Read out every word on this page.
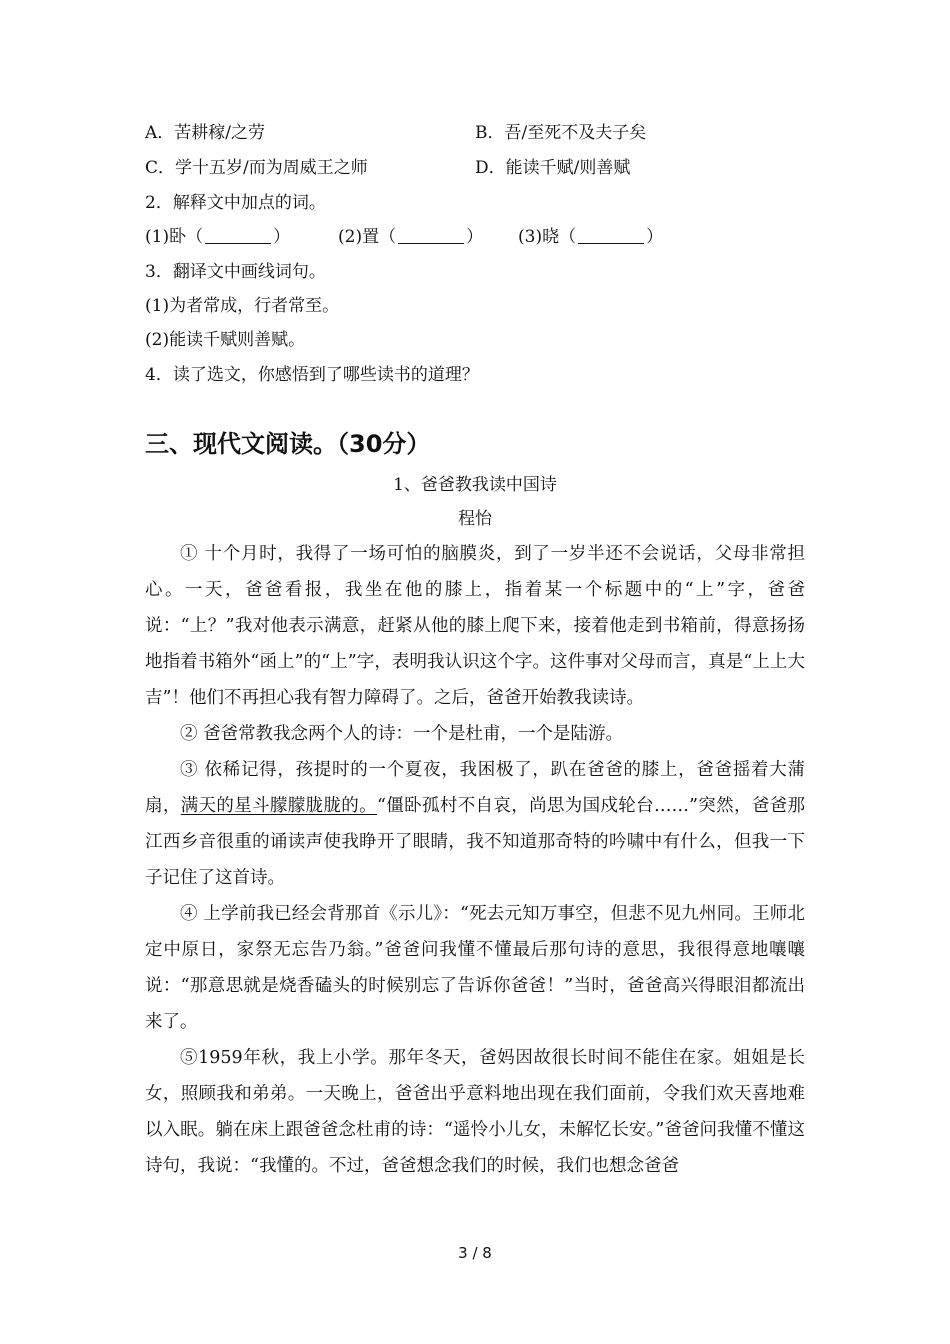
A．苦耕稼/之劳	B．吾/至死不及夫子矣
C．学十五岁/而为周威王之师	D．能读千赋/则善赋
2．解释文中加点的词。
(1)卧（	）	(2)置（	） (3)晓（	）
3．翻译文中画线词句。
(1)为者常成，行者常至。
(2)能读千赋则善赋。
4．读了选文，你感悟到了哪些读书的道理？
三、现代文阅读。（30分）
1、爸爸教我读中国诗
程怡

① 十个月时，我得了一场可怕的脑膜炎，到了一岁半还不会说话，父母非常担心。一天，爸爸看报，我坐在他的膝上，指着某一个标题中的“上”字，爸爸说：“上？”我对他表示满意，赶紧从他的膝上爬下来，接着他走到书箱前，得意扬扬地指着书箱外“函上”的“上”字，表明我认识这个字。这件事对父母而言，真是“上上大吉”！他们不再担心我有智力障碍了。之后，爸爸开始教我读诗。

② 爸爸常教我念两个人的诗：一个是杜甫，一个是陆游。

③ 依稀记得，孩提时的一个夏夜，我困极了，趴在爸爸的膝上，爸爸摇着大蒲扇，满天的星斗朦朦胧胧的。“僵卧孤村不自哀，尚思为国戍轮台……”突然，爸爸那江西乡音很重的诵读声使我睁开了眼睛，我不知道那奇特的吟啸中有什么，但我一下子记住了这首诗。

④ 上学前我已经会背那首《示儿》：“死去元知万事空，但悲不见九州同。王师北定中原日，家祭无忘告乃翁。”爸爸问我懂不懂最后那句诗的意思，我很得意地嚷嚷说：“那意思就是烧香磕头的时候别忘了告诉你爸爸！”当时，爸爸高兴得眼泪都流出来了。

⑤1959年秋，我上小学。那年冬天，爸妈因故很长时间不能住在家。姐姐是长女，照顾我和弟弟。一天晚上，爸爸出乎意料地出现在我们面前，令我们欢天喜地难以入眠。躺在床上跟爸爸念杜甫的诗：“遥怜小儿女，未解忆长安。”爸爸问我懂不懂这诗句，我说：“我懂的。不过，爸爸想念我们的时候，我们也想念爸爸

3 / 8
